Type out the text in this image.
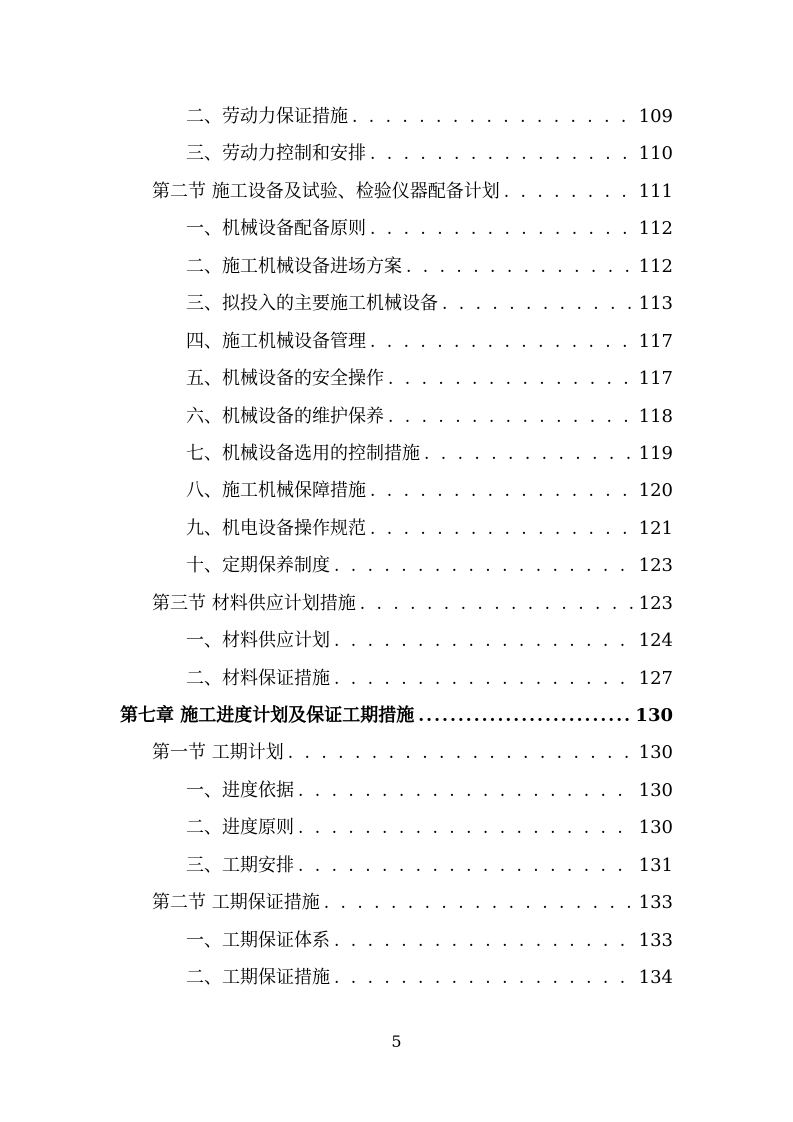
二、劳动力保证措施 . . .	109
三、劳动力控制和安排 . . .	110
第二节 施工设备及试验、检验仪器配备计划 . . .	111
一、机械设备配备原则 . . .	112
二、施工机械设备进场方案 . . .	112
三、拟投入的主要施工机械设备 . . .	113
四、施工机械设备管理 . . .	117
五、机械设备的安全操作 . . .	117
六、机械设备的维护保养 . . .	118
七、机械设备选用的控制措施 . . .	119
八、施工机械保障措施 . . .	120
九、机电设备操作规范 . . .	121
十、定期保养制度 . . .	123
第三节 材料供应计划措施 . . .	123
一、材料供应计划 . . .	124
二、材料保证措施 . . .	127
第七章 施工进度计划及保证工期措施 .....	130
第一节 工期计划 . . .	130
一、进度依据 . . .	130
二、进度原则 . . .	130
三、工期安排 . . .	131
第二节 工期保证措施 . . .	133
一、工期保证体系 . . .	133
二、工期保证措施 . . .	134
5
